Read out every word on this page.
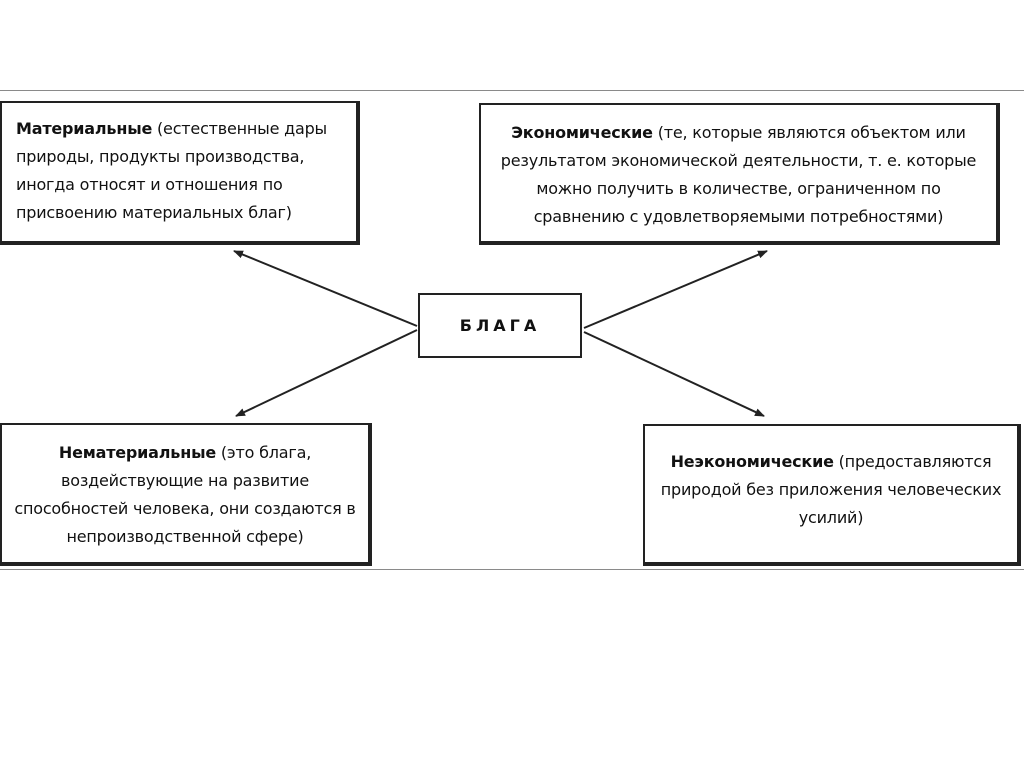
Материальные (естественные дары природы, продукты производства, иногда относят и отношения по присвоению материальных благ)

Экономические (те, которые являются объектом или результатом экономической деятельности, т. е. которые можно получить в количестве, ограниченном по сравнению с удовлетворяемыми потребностями)

БЛАГА

Нематериальные (это блага, воздействующие на развитие способностей человека, они создаются в непроизводственной сфере)

Неэкономические (предоставляются природой без приложения человеческих усилий)
